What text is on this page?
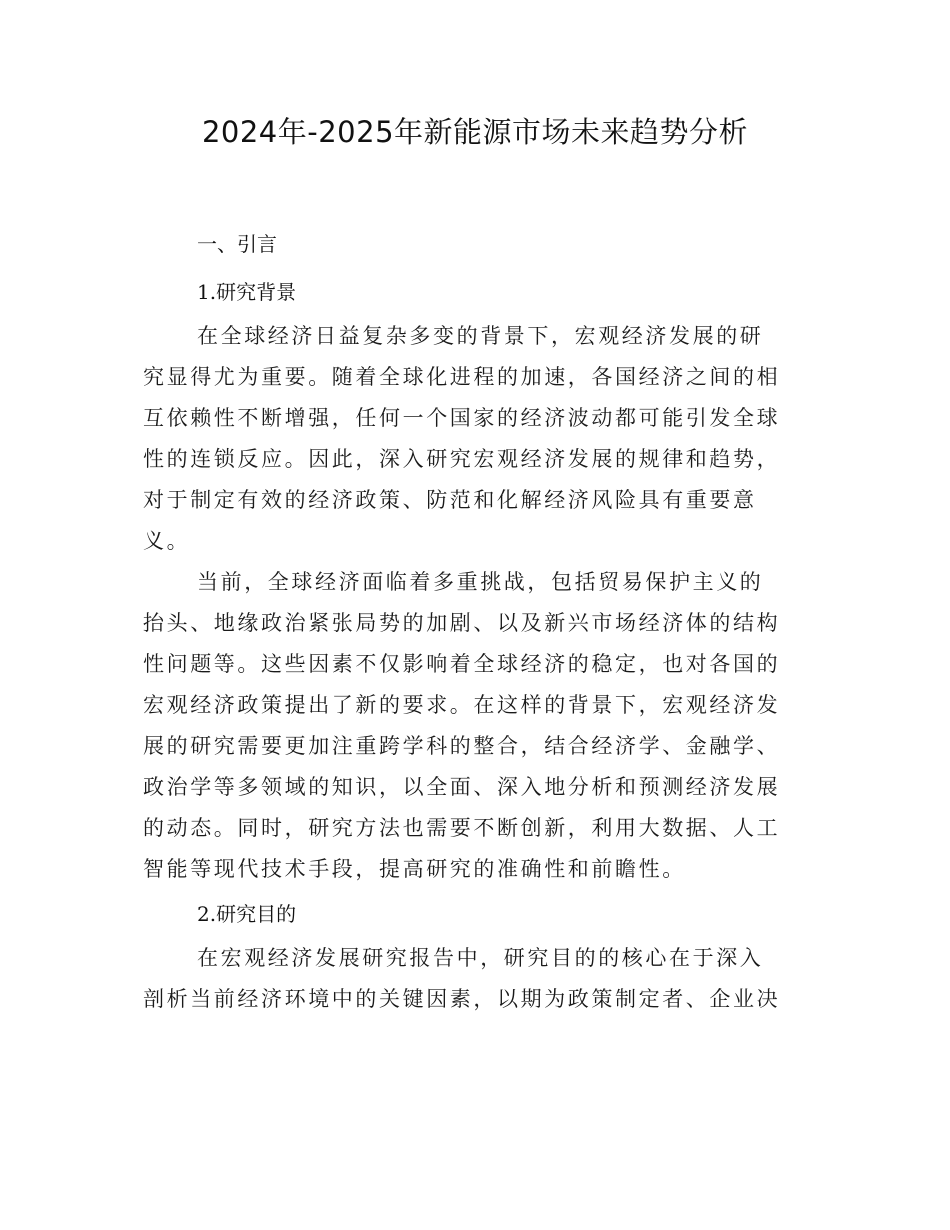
2024年-2025年新能源市场未来趋势分析
一、引言
1.研究背景
在全球经济日益复杂多变的背景下，宏观经济发展的研
究显得尤为重要。随着全球化进程的加速，各国经济之间的相
互依赖性不断增强，任何一个国家的经济波动都可能引发全球
性的连锁反应。因此，深入研究宏观经济发展的规律和趋势，
对于制定有效的经济政策、防范和化解经济风险具有重要意
义。
当前，全球经济面临着多重挑战，包括贸易保护主义的
抬头、地缘政治紧张局势的加剧、以及新兴市场经济体的结构
性问题等。这些因素不仅影响着全球经济的稳定，也对各国的
宏观经济政策提出了新的要求。在这样的背景下，宏观经济发
展的研究需要更加注重跨学科的整合，结合经济学、金融学、
政治学等多领域的知识，以全面、深入地分析和预测经济发展
的动态。同时，研究方法也需要不断创新，利用大数据、人工
智能等现代技术手段，提高研究的准确性和前瞻性。
2.研究目的
在宏观经济发展研究报告中，研究目的的核心在于深入
剖析当前经济环境中的关键因素，以期为政策制定者、企业决
